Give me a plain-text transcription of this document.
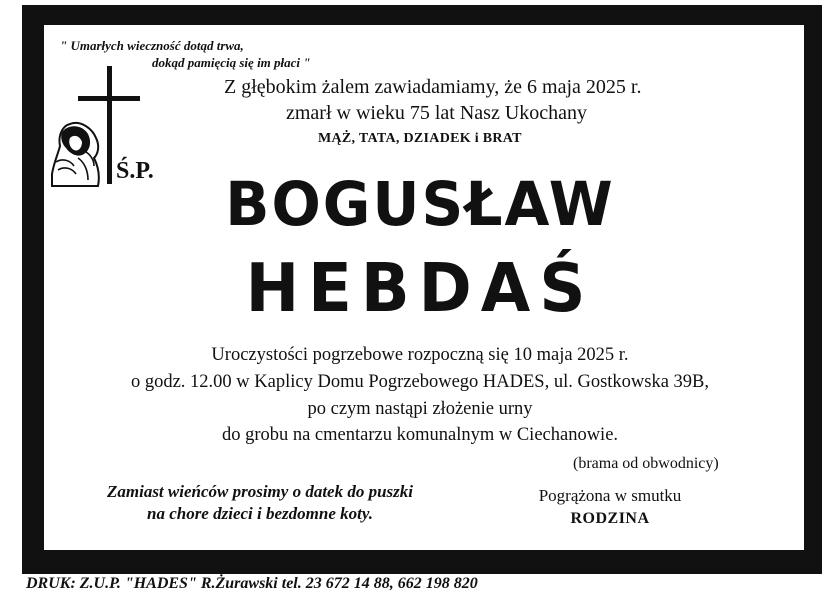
" Umarłych wieczność dotąd trwa,
dokąd pamięcią się im płaci "
Z głębokim żalem zawiadamiamy, że 6 maja 2025 r.
zmarł w wieku 75 lat Nasz Ukochany
MĄŻ, TATA, DZIADEK i BRAT
Ś.P.	BOGUSŁAW
HEBDAŚ
Uroczystości pogrzebowe rozpoczną się 10 maja 2025 r.
o godz. 12.00 w Kaplicy Domu Pogrzebowego HADES, ul. Gostkowska 39B,
po czym nastąpi złożenie urny
do grobu na cmentarzu komunalnym w Ciechanowie.
(brama od obwodnicy)
Zamiast wieńców prosimy o datek do puszki
na chore dzieci i bezdomne koty.
Pogrążona w smutku
RODZINA
DRUK: Z.U.P. "HADES" R.Żurawski tel. 23 672 14 88, 662 198 820
